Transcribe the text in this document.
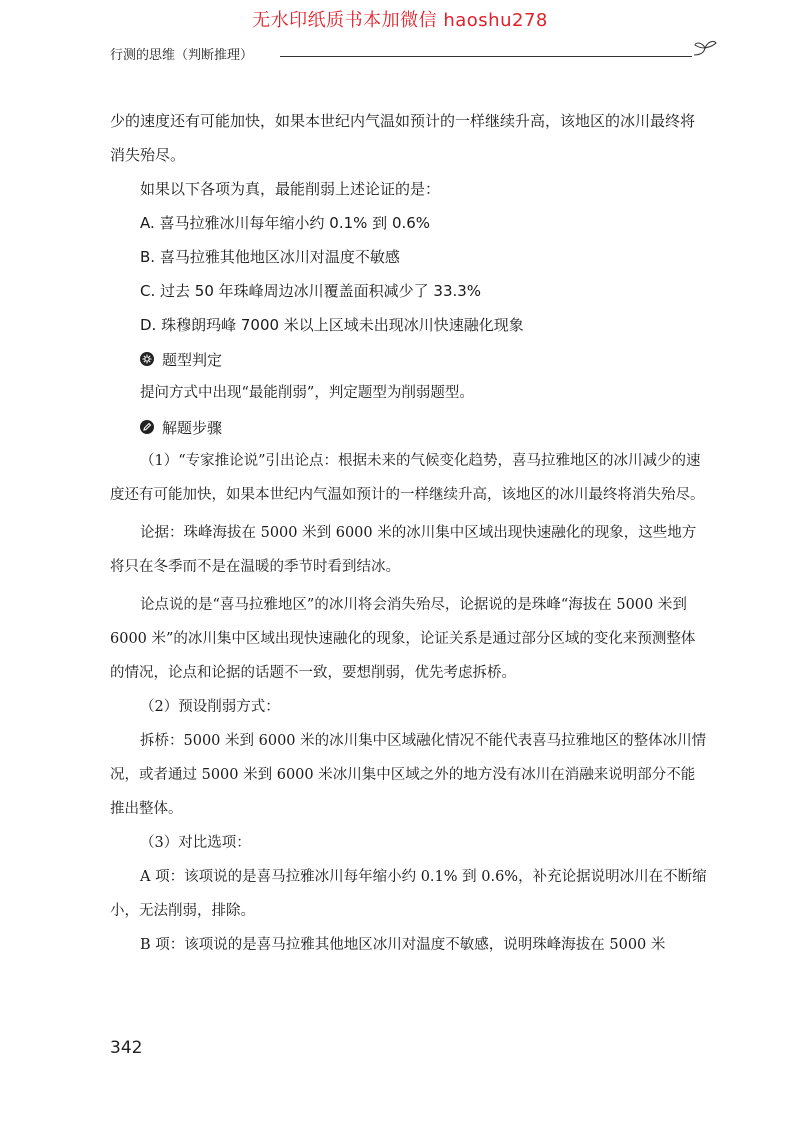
无水印纸质书本加微信 haoshu278
行测的思维（判断推理）

少的速度还有可能加快，如果本世纪内气温如预计的一样继续升高，该地区的冰川最终将消失殆尽。

如果以下各项为真，最能削弱上述论证的是：

A. 喜马拉雅冰川每年缩小约 0.1% 到 0.6%

B. 喜马拉雅其他地区冰川对温度不敏感

C. 过去 50 年珠峰周边冰川覆盖面积减少了 33.3%

D. 珠穆朗玛峰 7000 米以上区域未出现冰川快速融化现象

题型判定

提问方式中出现“最能削弱”，判定题型为削弱题型。

解题步骤

（1）“专家推论说”引出论点：根据未来的气候变化趋势，喜马拉雅地区的冰川减少的速度还有可能加快，如果本世纪内气温如预计的一样继续升高，该地区的冰川最终将消失殆尽。

论据：珠峰海拔在 5000 米到 6000 米的冰川集中区域出现快速融化的现象，这些地方将只在冬季而不是在温暖的季节时看到结冰。

论点说的是“喜马拉雅地区”的冰川将会消失殆尽，论据说的是珠峰“海拔在 5000 米到 6000 米”的冰川集中区域出现快速融化的现象，论证关系是通过部分区域的变化来预测整体的情况，论点和论据的话题不一致，要想削弱，优先考虑拆桥。

（2）预设削弱方式：

拆桥：5000 米到 6000 米的冰川集中区域融化情况不能代表喜马拉雅地区的整体冰川情况，或者通过 5000 米到 6000 米冰川集中区域之外的地方没有冰川在消融来说明部分不能推出整体。

（3）对比选项：

A 项：该项说的是喜马拉雅冰川每年缩小约 0.1% 到 0.6%，补充论据说明冰川在不断缩小，无法削弱，排除。

B 项：该项说的是喜马拉雅其他地区冰川对温度不敏感，说明珠峰海拔在 5000 米

342
